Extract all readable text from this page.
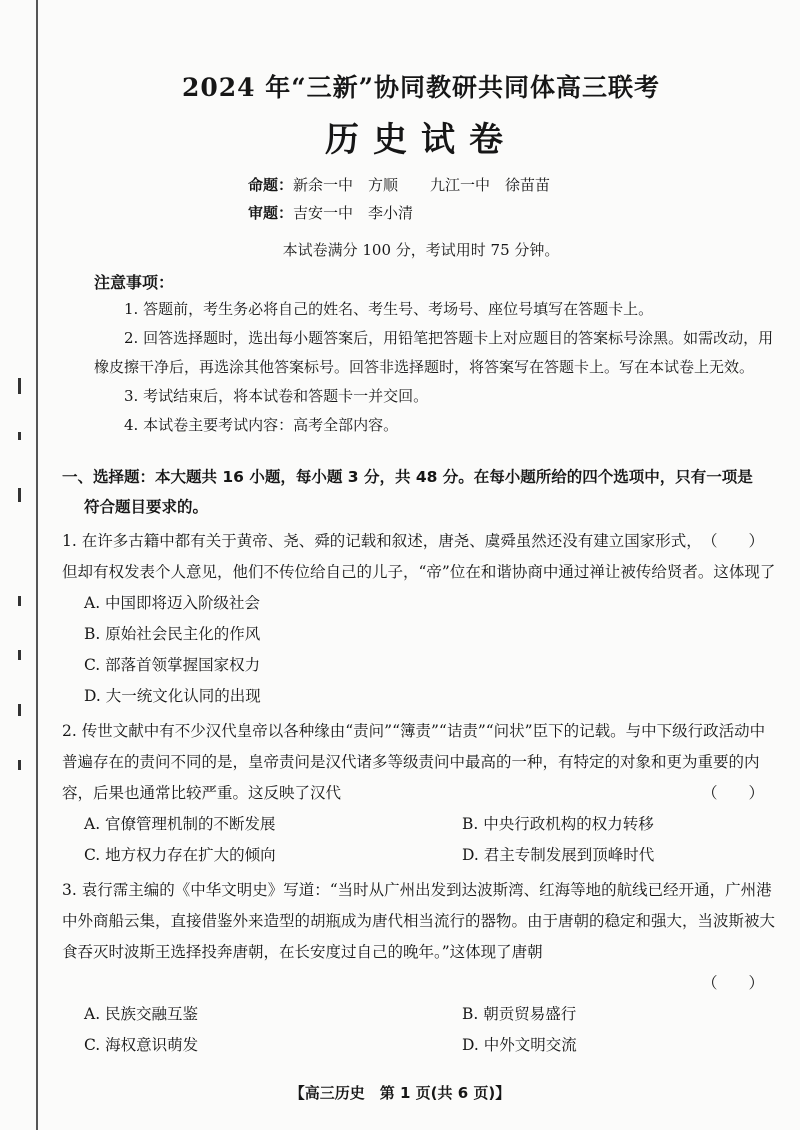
2024 年“三新”协同教研共同体高三联考
历史试卷
命题：新余一中　方顺 九江一中　徐苗苗
审题：吉安一中　李小清
本试卷满分 100 分，考试用时 75 分钟。
注意事项：

1. 答题前，考生务必将自己的姓名、考生号、考场号、座位号填写在答题卡上。

2. 回答选择题时，选出每小题答案后，用铅笔把答题卡上对应题目的答案标号涂黑。如需改动，用橡皮擦干净后，再选涂其他答案标号。回答非选择题时，将答案写在答题卡上。写在本试卷上无效。

3. 考试结束后，将本试卷和答题卡一并交回。

4. 本试卷主要考试内容：高考全部内容。

一、选择题：本大题共 16 小题，每小题 3 分，共 48 分。在每小题所给的四个选项中，只有一项是
符合题目要求的。

（　　）
1. 在许多古籍中都有关于黄帝、尧、舜的记载和叙述，唐尧、虞舜虽然还没有建立国家形式，但却有权发表个人意见，他们不传位给自己的儿子，“帝”位在和谐协商中通过禅让被传给贤者。这体现了

A. 中国即将迈入阶级社会
B. 原始社会民主化的作风
C. 部落首领掌握国家权力
D. 大一统文化认同的出现

2. 传世文献中有不少汉代皇帝以各种缘由“责问”“簿责”“诘责”“问状”臣下的记载。与中下级行政活动中普遍存在的责问不同的是，皇帝责问是汉代诸多等级责问中最高的一种，有特定的对象和更为重要的内容，后果也通常比较严重。这反映了汉代	（　　）
A. 官僚管理机制的不断发展	B. 中央行政机构的权力转移
C. 地方权力存在扩大的倾向	D. 君主专制发展到顶峰时代

3. 袁行霈主编的《中华文明史》写道：“当时从广州出发到达波斯湾、红海等地的航线已经开通，广州港中外商船云集，直接借鉴外来造型的胡瓶成为唐代相当流行的器物。由于唐朝的稳定和强大，当波斯被大食吞灭时波斯王选择投奔唐朝，在长安度过自己的晚年。”这体现了唐朝

（　　）
A. 民族交融互鉴	B. 朝贡贸易盛行
C. 海权意识萌发	D. 中外文明交流
【高三历史　第 1 页(共 6 页)】
